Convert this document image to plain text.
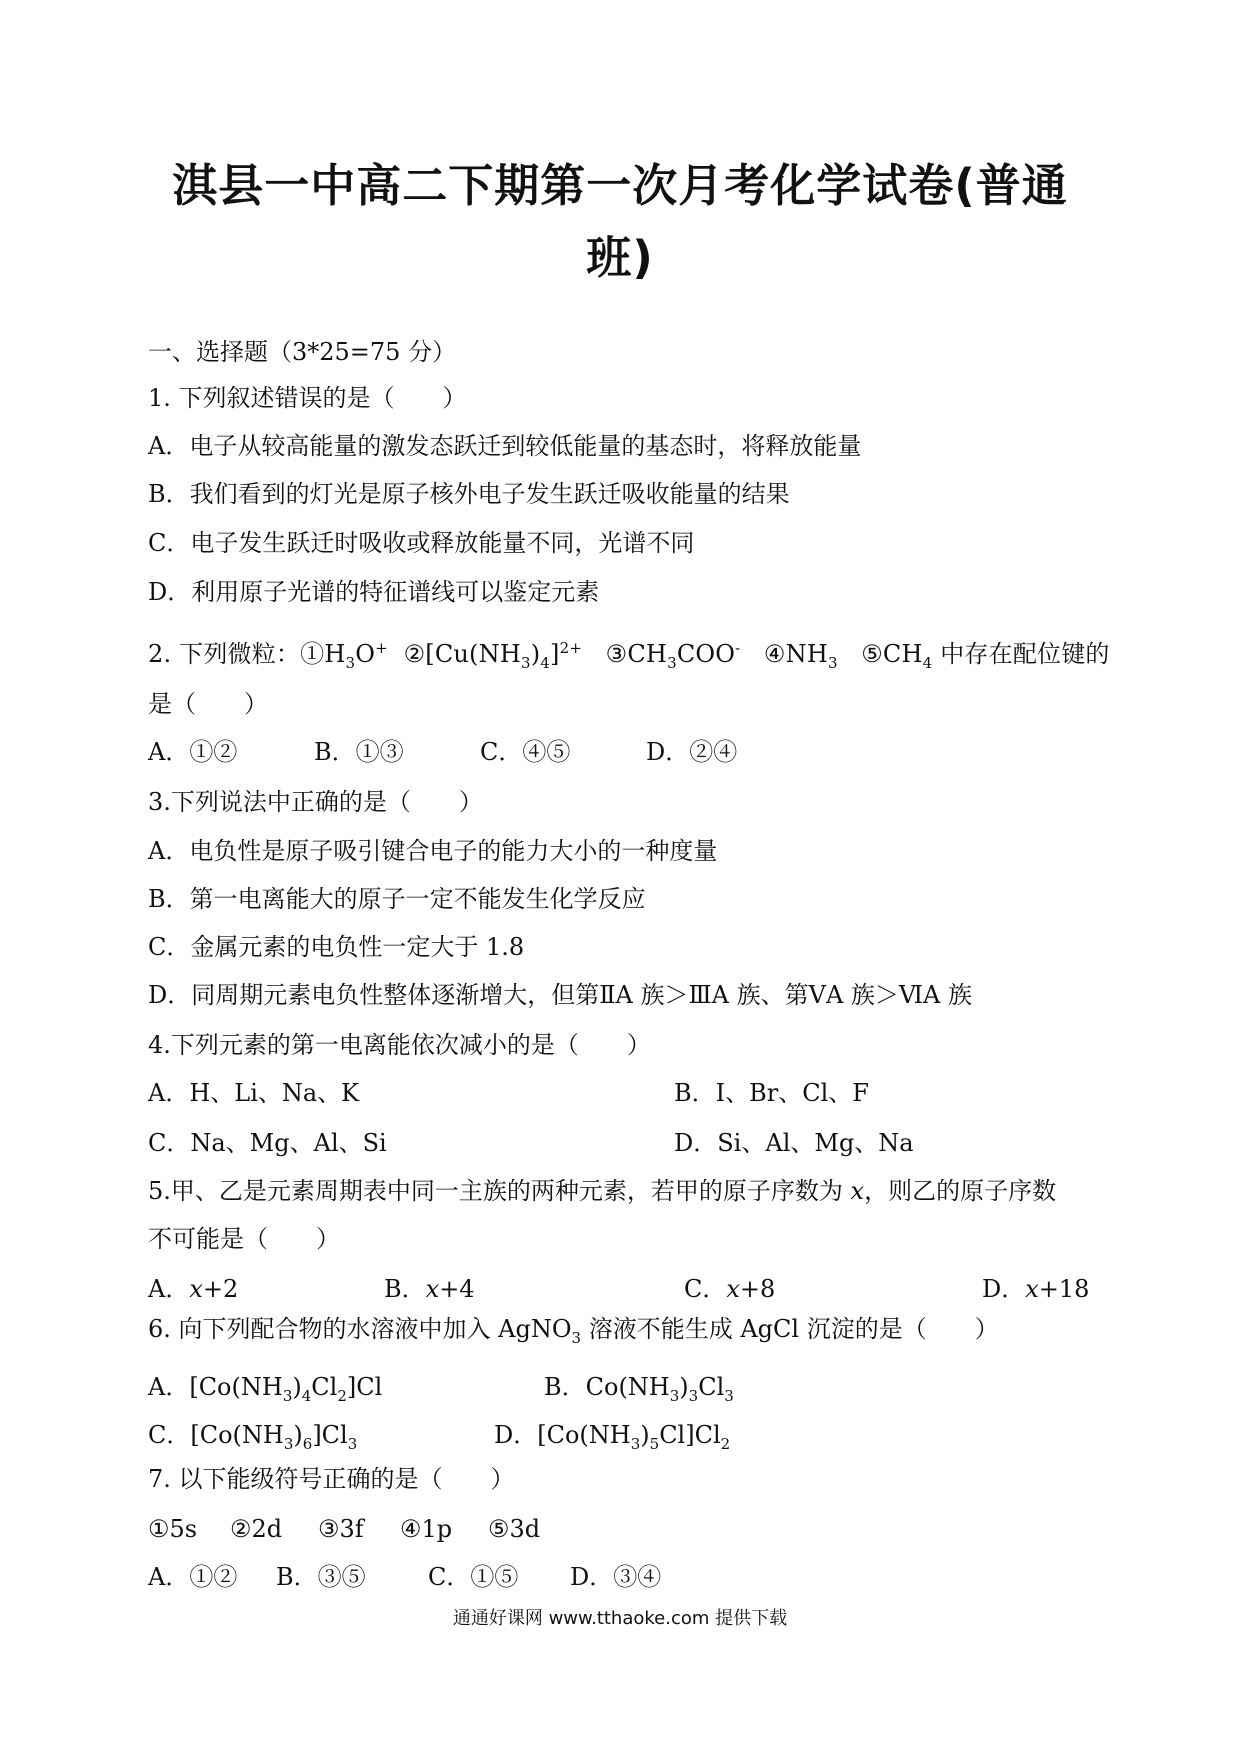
淇县一中高二下期第一次月考化学试卷(普通班)
一、选择题（3*25=75 分）
1. 下列叙述错误的是（　　）
A．电子从较高能量的激发态跃迁到较低能量的基态时，将释放能量
B．我们看到的灯光是原子核外电子发生跃迁吸收能量的结果
C．电子发生跃迁时吸收或释放能量不同，光谱不同
D．利用原子光谱的特征谱线可以鉴定元素
2. 下列微粒：$①H_3O^+$ $②[Cu(NH_3)_4]^{2+}$ $③CH_3COO^-$ $④NH_3$ $⑤CH_4$ 中存在配位键的
是（　　）
A．①②	B．①③	C．④⑤	D．②④
3.下列说法中正确的是（　　）
A．电负性是原子吸引键合电子的能力大小的一种度量
B．第一电离能大的原子一定不能发生化学反应
C．金属元素的电负性一定大于 1.8
D．同周期元素电负性整体逐渐增大，但第ⅡA 族＞ⅢA 族、第ⅤA 族＞ⅥA 族
4.下列元素的第一电离能依次减小的是（　　）
A．H、Li、Na、K	B．I、Br、Cl、F
C．Na、Mg、Al、Si	D．Si、Al、Mg、Na
5.甲、乙是元素周期表中同一主族的两种元素，若甲的原子序数为 x，则乙的原子序数
不可能是（　　）
A．x+2	B．x+4	C．x+8	D．x+18
6. 向下列配合物的水溶液中加入 AgNO$_3$ 溶液不能生成 AgCl 沉淀的是（　　）
A．$[Co(NH_3)_4Cl_2]Cl$	B．$Co(NH_3)_3Cl_3$
C．$[Co(NH_3)_6]Cl_3$	D．$[Co(NH_3)_5Cl]Cl_2$
7. 以下能级符号正确的是（　　）
①5s ②2d ③3f ④1p ⑤3d
A．①② B．③⑤	C．①⑤ D．③④
通通好课网 www.tthaoke.com 提供下载
